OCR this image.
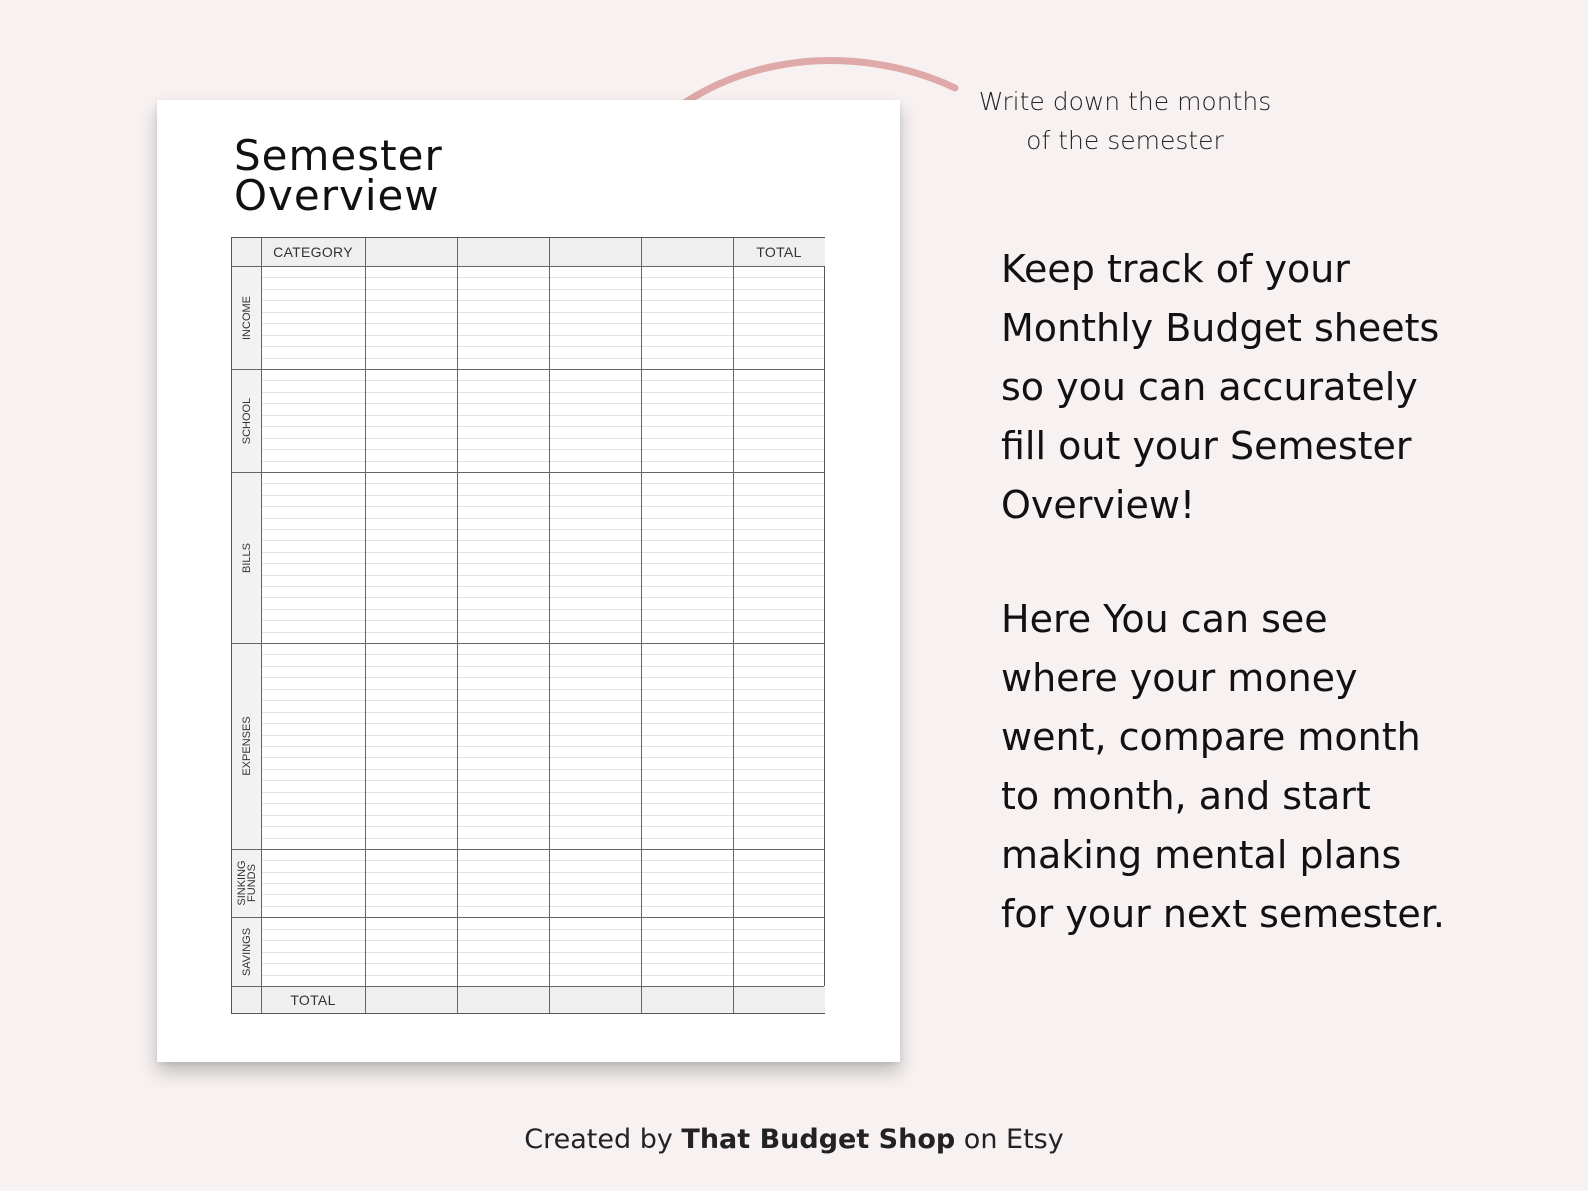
Write down the months
of the semester

Semester
Overview
CATEGORY	TOTAL
TOTAL
INCOME
SCHOOL
BILLS
EXPENSES
SINKING FUNDS
SAVINGS

Keep track of your
Monthly Budget sheets
so you can accurately
fill out your Semester
Overview!

Here You can see
where your money
went, compare month
to month, and start
making mental plans
for your next semester.

Created by That Budget Shop on Etsy
